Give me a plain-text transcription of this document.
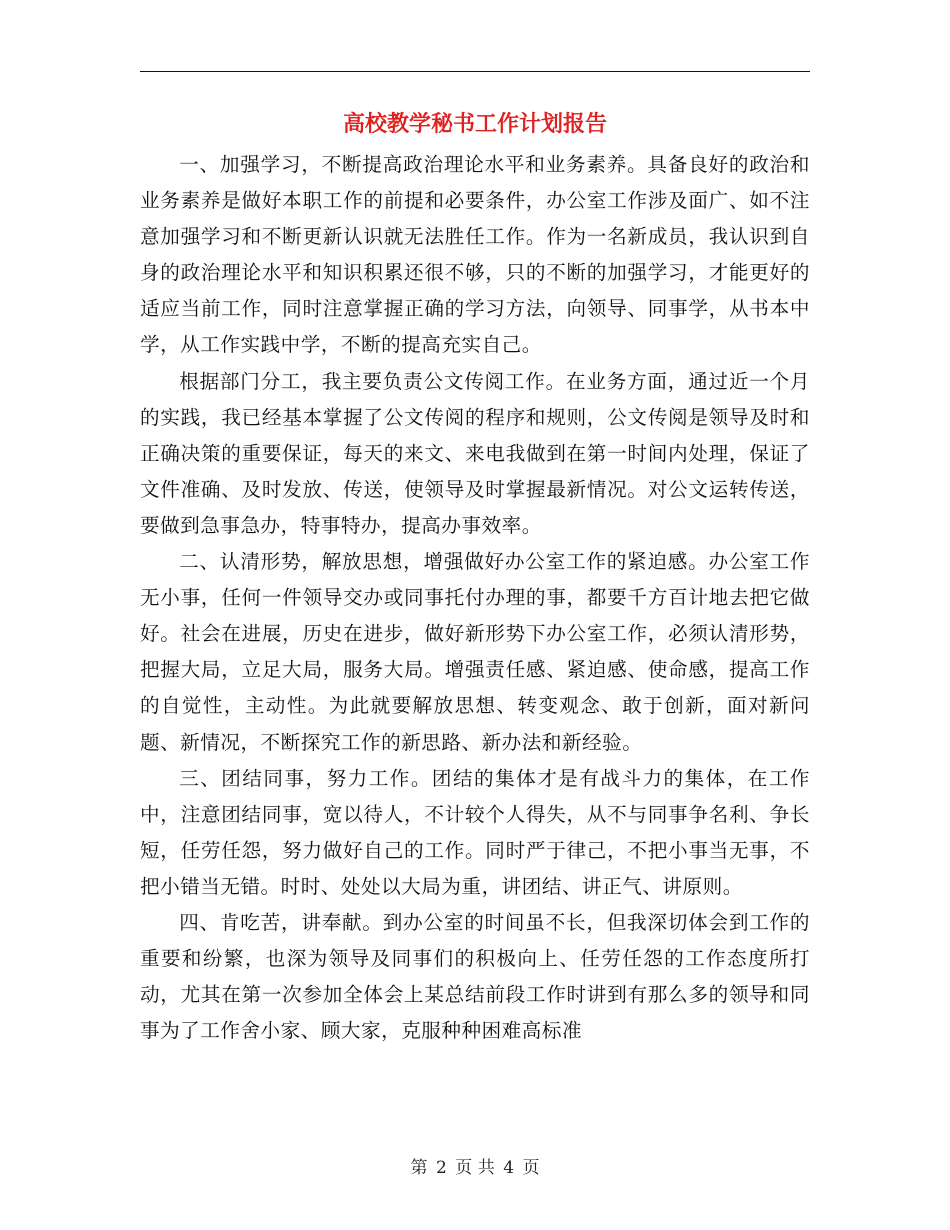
高校教学秘书工作计划报告

一、加强学习，不断提高政治理论水平和业务素养。具备良好的政治和业务素养是做好本职工作的前提和必要条件，办公室工作涉及面广、如不注意加强学习和不断更新认识就无法胜任工作。作为一名新成员，我认识到自身的政治理论水平和知识积累还很不够，只的不断的加强学习，才能更好的适应当前工作，同时注意掌握正确的学习方法，向领导、同事学，从书本中学，从工作实践中学，不断的提高充实自己。

根据部门分工，我主要负责公文传阅工作。在业务方面，通过近一个月的实践，我已经基本掌握了公文传阅的程序和规则，公文传阅是领导及时和正确决策的重要保证，每天的来文、来电我做到在第一时间内处理，保证了文件准确、及时发放、传送，使领导及时掌握最新情况。对公文运转传送，要做到急事急办，特事特办，提高办事效率。

二、认清形势，解放思想，增强做好办公室工作的紧迫感。办公室工作无小事，任何一件领导交办或同事托付办理的事，都要千方百计地去把它做好。社会在进展，历史在进步，做好新形势下办公室工作，必须认清形势，把握大局，立足大局，服务大局。增强责任感、紧迫感、使命感，提高工作的自觉性，主动性。为此就要解放思想、转变观念、敢于创新，面对新问题、新情况，不断探究工作的新思路、新办法和新经验。

三、团结同事，努力工作。团结的集体才是有战斗力的集体，在工作中，注意团结同事，宽以待人，不计较个人得失，从不与同事争名利、争长短，任劳任怨，努力做好自己的工作。同时严于律己，不把小事当无事，不把小错当无错。时时、处处以大局为重，讲团结、讲正气、讲原则。

四、肯吃苦，讲奉献。到办公室的时间虽不长，但我深切体会到工作的重要和纷繁，也深为领导及同事们的积极向上、任劳任怨的工作态度所打动，尤其在第一次参加全体会上某总结前段工作时讲到有那么多的领导和同事为了工作舍小家、顾大家，克服种种困难高标准

第 2 页 共 4 页
